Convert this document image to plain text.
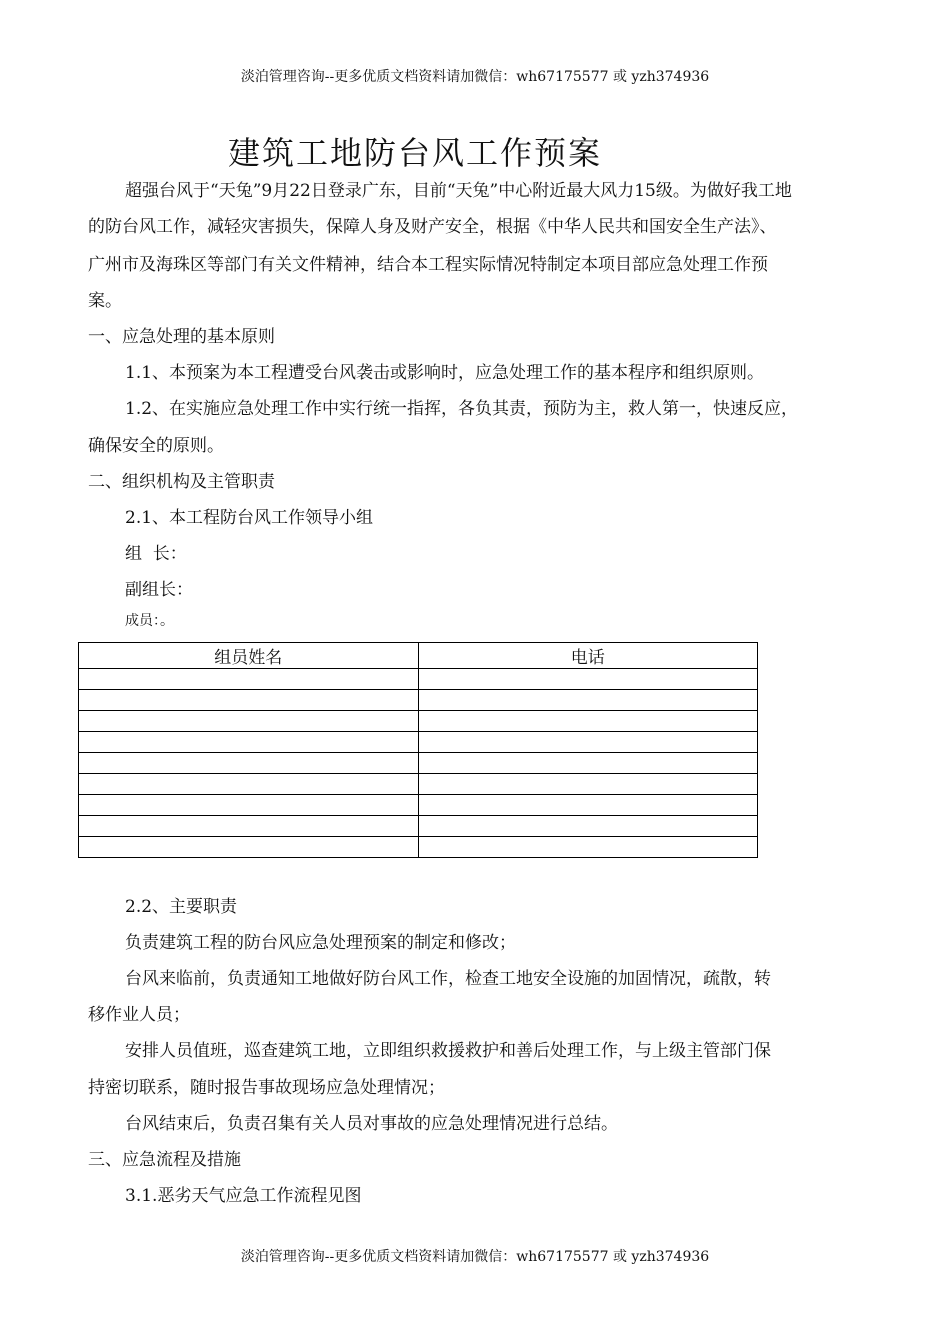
淡泊管理咨询--更多优质文档资料请加微信：wh67175577 或 yzh374936
建筑工地防台风工作预案
超强台风于“天兔”9月22日登录广东，目前“天兔”中心附近最大风力15级。为做好我工地
的防台风工作，减轻灾害损失，保障人身及财产安全，根据《中华人民共和国安全生产法》、
广州市及海珠区等部门有关文件精神，结合本工程实际情况特制定本项目部应急处理工作预
案。
一、应急处理的基本原则
1.1、本预案为本工程遭受台风袭击或影响时，应急处理工作的基本程序和组织原则。
1.2、在实施应急处理工作中实行统一指挥，各负其责，预防为主，救人第一，快速反应，
确保安全的原则。
二、组织机构及主管职责
2.1、本工程防台风工作领导小组
组  长：
副组长：
成员：。
组员姓名	电话

2.2、主要职责
负责建筑工程的防台风应急处理预案的制定和修改；
台风来临前，负责通知工地做好防台风工作，检查工地安全设施的加固情况，疏散，转
移作业人员；
安排人员值班，巡查建筑工地，立即组织救援救护和善后处理工作，与上级主管部门保
持密切联系，随时报告事故现场应急处理情况；
台风结束后，负责召集有关人员对事故的应急处理情况进行总结。
三、应急流程及措施
3.1.恶劣天气应急工作流程见图
淡泊管理咨询--更多优质文档资料请加微信：wh67175577 或 yzh374936
